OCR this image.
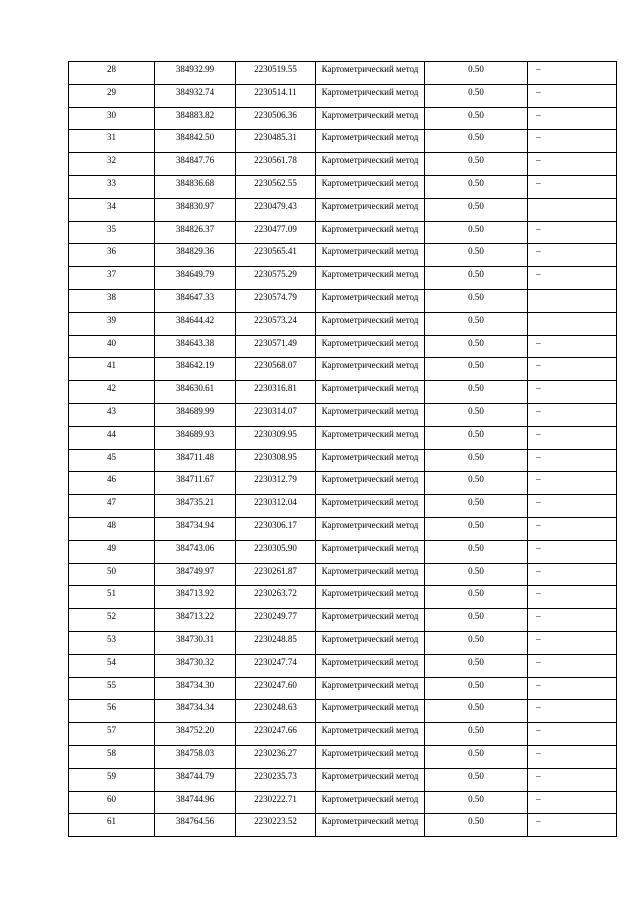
28	384932.99	2230519.55	Картометрический метод	0.50	–

29	384932.74	2230514.11	Картометрический метод	0.50	–

30	384883.82	2230506.36	Картометрический метод	0.50	–

31	384842.50	2230485.31	Картометрический метод	0.50	–

32	384847.76	2230561.78	Картометрический метод	0.50	–

33	384836.68	2230562.55	Картометрический метод	0.50	–

34	384830.97	2230479.43	Картометрический метод	0.50	

35	384826.37	2230477.09	Картометрический метод	0.50	–

36	384829.36	2230565.41	Картометрический метод	0.50	–

37	384649.79	2230575.29	Картометрический метод	0.50	–

38	384647.33	2230574.79	Картометрический метод	0.50	

39	384644.42	2230573.24	Картометрический метод	0.50	

40	384643.38	2230571.49	Картометрический метод	0.50	–

41	384642.19	2230568.07	Картометрический метод	0.50	–

42	384630.61	2230316.81	Картометрический метод	0.50	–

43	384689.99	2230314.07	Картометрический метод	0.50	–

44	384689.93	2230309.95	Картометрический метод	0.50	–

45	384711.48	2230308.95	Картометрический метод	0.50	–

46	384711.67	2230312.79	Картометрический метод	0.50	–

47	384735.21	2230312.04	Картометрический метод	0.50	–

48	384734.94	2230306.17	Картометрический метод	0.50	–

49	384743.06	2230305.90	Картометрический метод	0.50	–

50	384749.97	2230261.87	Картометрический метод	0.50	–

51	384713.92	2230263.72	Картометрический метод	0.50	–

52	384713.22	2230249.77	Картометрический метод	0.50	–

53	384730.31	2230248.85	Картометрический метод	0.50	–

54	384730.32	2230247.74	Картометрический метод	0.50	–

55	384734.30	2230247.60	Картометрический метод	0.50	–

56	384734.34	2230248.63	Картометрический метод	0.50	–

57	384752.20	2230247.66	Картометрический метод	0.50	–

58	384758.03	2230236.27	Картометрический метод	0.50	–

59	384744.79	2230235.73	Картометрический метод	0.50	–

60	384744.96	2230222.71	Картометрический метод	0.50	–

61	384764.56	2230223.52	Картометрический метод	0.50	–
